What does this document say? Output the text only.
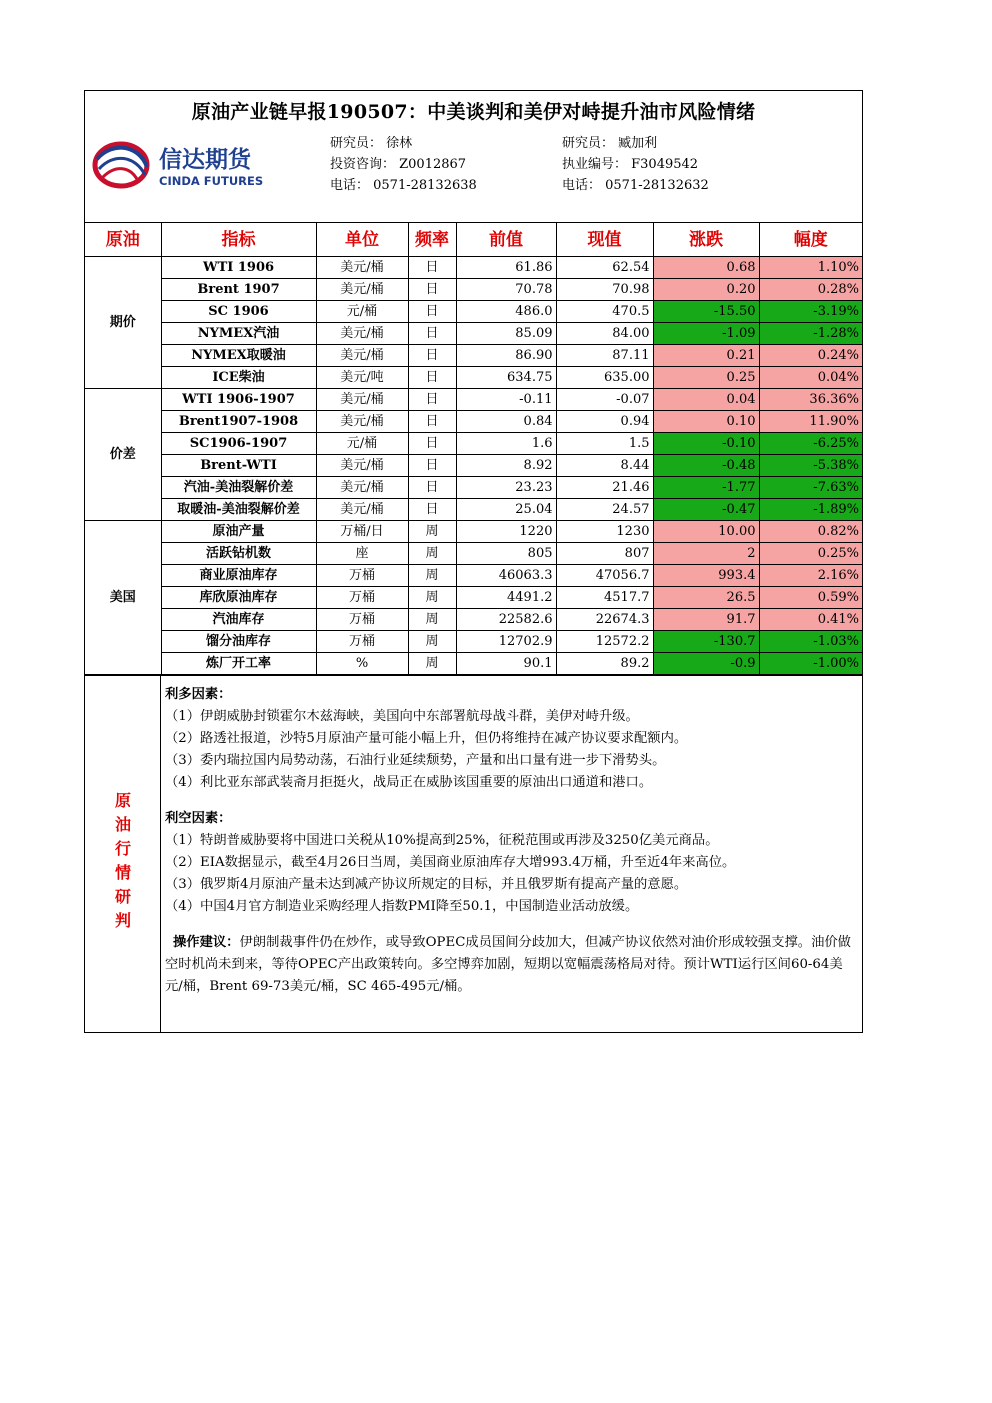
原油产业链早报190507：中美谈判和美伊对峙提升油市风险情绪
信达期货
CINDA FUTURES
研究员： 徐林
投资咨询： Z0012867
电话： 0571-28132638
研究员： 臧加利
执业编号： F3049542
电话： 0571-28132632
原油	指标	单位	频率	前值	现值	涨跌	幅度
期价	WTI 1906	美元/桶	日	61.86	62.54	0.68	1.10%
	Brent 1907	美元/桶	日	70.78	70.98	0.20	0.28%
	SC 1906	元/桶	日	486.0	470.5	-15.50	-3.19%
	NYMEX汽油	美元/桶	日	85.09	84.00	-1.09	-1.28%
	NYMEX取暖油	美元/桶	日	86.90	87.11	0.21	0.24%
	ICE柴油	美元/吨	日	634.75	635.00	0.25	0.04%
价差	WTI 1906-1907	美元/桶	日	-0.11	-0.07	0.04	36.36%
	Brent1907-1908	美元/桶	日	0.84	0.94	0.10	11.90%
	SC1906-1907	元/桶	日	1.6	1.5	-0.10	-6.25%
	Brent-WTI	美元/桶	日	8.92	8.44	-0.48	-5.38%
	汽油-美油裂解价差	美元/桶	日	23.23	21.46	-1.77	-7.63%
	取暖油-美油裂解价差	美元/桶	日	25.04	24.57	-0.47	-1.89%
美国	原油产量	万桶/日	周	1220	1230	10.00	0.82%
	活跃钻机数	座	周	805	807	2	0.25%
	商业原油库存	万桶	周	46063.3	47056.7	993.4	2.16%
	库欣原油库存	万桶	周	4491.2	4517.7	26.5	0.59%
	汽油库存	万桶	周	22582.6	22674.3	91.7	0.41%
	馏分油库存	万桶	周	12702.9	12572.2	-130.7	-1.03%
	炼厂开工率	%	周	90.1	89.2	-0.9	-1.00%
原
油
行
情
研
判
利多因素：
（1）伊朗威胁封锁霍尔木兹海峡，美国向中东部署航母战斗群，美伊对峙升级。
（2）路透社报道，沙特5月原油产量可能小幅上升，但仍将维持在减产协议要求配额内。
（3）委内瑞拉国内局势动荡，石油行业延续颓势，产量和出口量有进一步下滑势头。
（4）利比亚东部武装斋月拒挺火，战局正在威胁该国重要的原油出口通道和港口。
利空因素：
（1）特朗普威胁要将中国进口关税从10%提高到25%，征税范围或再涉及3250亿美元商品。
（2）EIA数据显示，截至4月26日当周，美国商业原油库存大增993.4万桶，升至近4年来高位。
（3）俄罗斯4月原油产量未达到减产协议所规定的目标，并且俄罗斯有提高产量的意愿。
（4）中国4月官方制造业采购经理人指数PMI降至50.1，中国制造业活动放缓。
操作建议：伊朗制裁事件仍在炒作，或导致OPEC成员国间分歧加大，但减产协议依然对油价形成较强支撑。油价做空时机尚未到来，等待OPEC产出政策转向。多空博弈加剧，短期以宽幅震荡格局对待。预计WTI运行区间60-64美元/桶，Brent 69-73美元/桶，SC 465-495元/桶。
